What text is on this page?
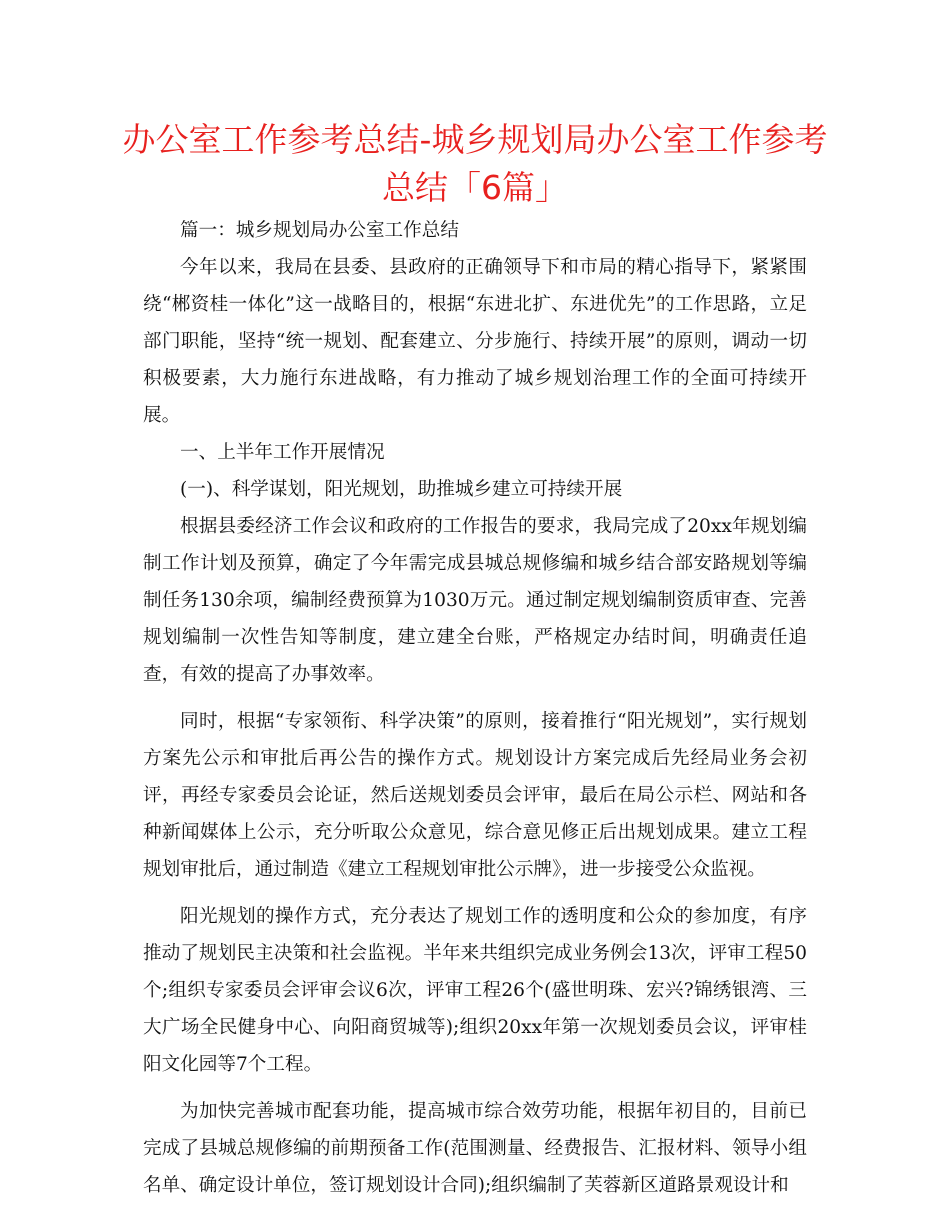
办公室工作参考总结-城乡规划局办公室工作参考总结「6篇」

篇一：城乡规划局办公室工作总结

今年以来，我局在县委、县政府的正确领导下和市局的精心指导下，紧紧围绕“郴资桂一体化”这一战略目的，根据“东进北扩、东进优先”的工作思路，立足部门职能，坚持“统一规划、配套建立、分步施行、持续开展”的原则，调动一切积极要素，大力施行东进战略，有力推动了城乡规划治理工作的全面可持续开展。

一、上半年工作开展情况

(一)、科学谋划，阳光规划，助推城乡建立可持续开展

根据县委经济工作会议和政府的工作报告的要求，我局完成了20xx年规划编制工作计划及预算，确定了今年需完成县城总规修编和城乡结合部安路规划等编制任务130余项，编制经费预算为1030万元。通过制定规划编制资质审查、完善规划编制一次性告知等制度，建立建全台账，严格规定办结时间，明确责任追查，有效的提高了办事效率。

同时，根据“专家领衔、科学决策”的原则，接着推行“阳光规划”，实行规划方案先公示和审批后再公告的操作方式。规划设计方案完成后先经局业务会初评，再经专家委员会论证，然后送规划委员会评审，最后在局公示栏、网站和各种新闻媒体上公示，充分听取公众意见，综合意见修正后出规划成果。建立工程规划审批后，通过制造《建立工程规划审批公示牌》，进一步接受公众监视。

阳光规划的操作方式，充分表达了规划工作的透明度和公众的参加度，有序推动了规划民主决策和社会监视。半年来共组织完成业务例会13次，评审工程50个;组织专家委员会评审会议6次，评审工程26个(盛世明珠、宏兴?锦绣银湾、三大广场全民健身中心、向阳商贸城等);组织20xx年第一次规划委员会议，评审桂阳文化园等7个工程。

为加快完善城市配套功能，提高城市综合效劳功能，根据年初目的，目前已完成了县城总规修编的前期预备工作(范围测量、经费报告、汇报材料、领导小组名单、确定设计单位，签订规划设计合同);组织编制了芙蓉新区道路景观设计和
